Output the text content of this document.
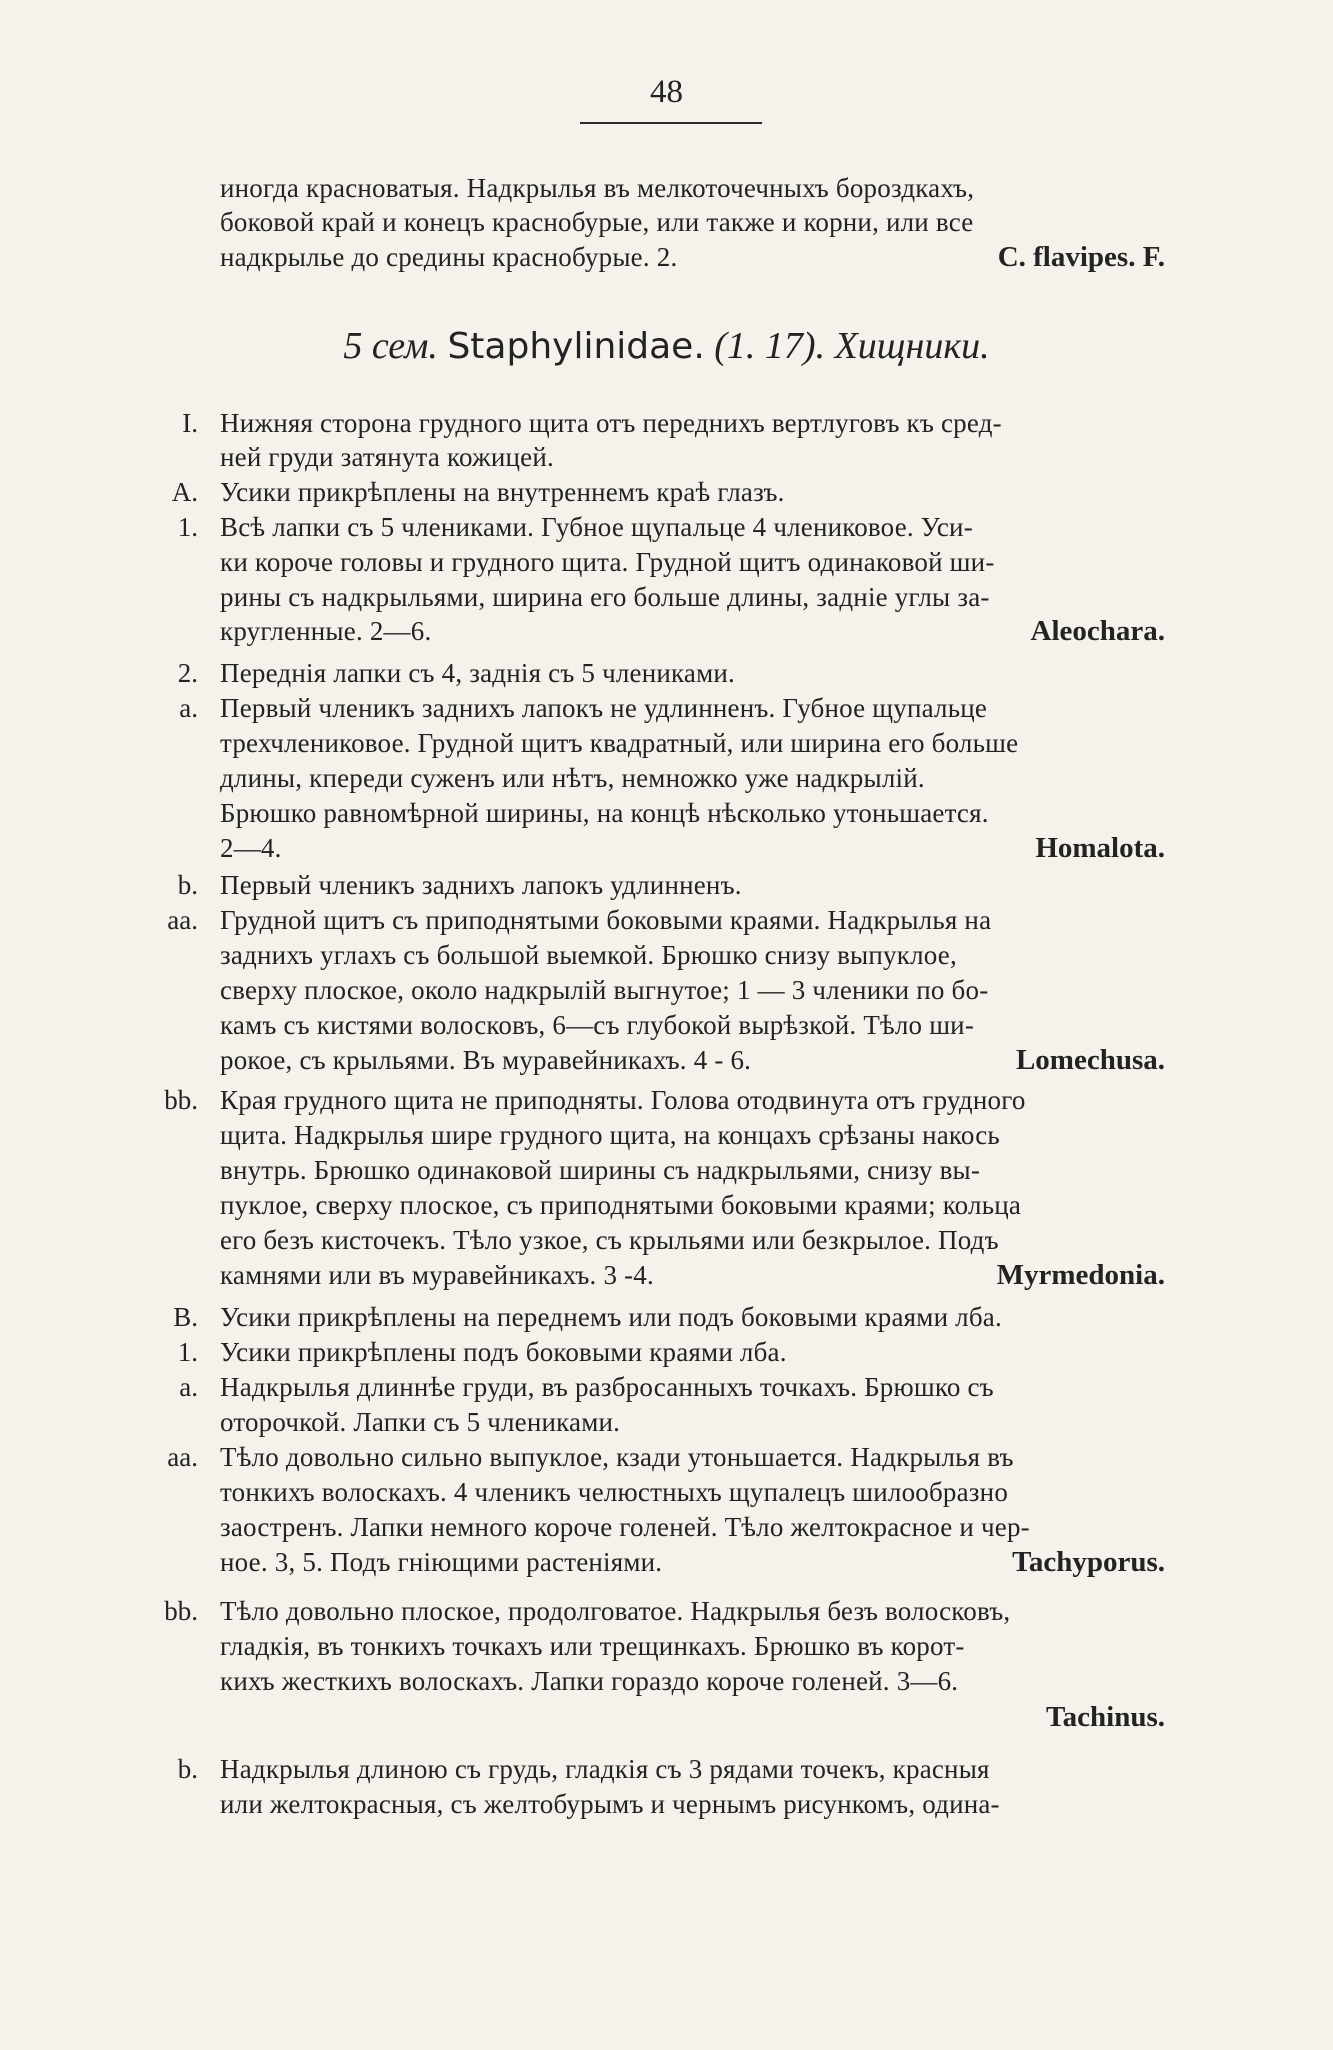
48
иногда красноватыя. Надкрылья въ мелкоточечныхъ бороздкахъ,
боковой край и конецъ краснобурые, или также и корни, или все
надкрылье до средины краснобурые. 2.	C. flavipes. F.
5 сем. Staphylinidae. (1. 17). Хищники.
I. Нижняя сторона грудного щита отъ переднихъ вертлуговъ къ сред-
ней груди затянута кожицей.
A. Усики прикрѣплены на внутреннемъ краѣ глазъ.
1. Всѣ лапки съ 5 члениками. Губное щупальце 4 члениковое. Уси-
ки короче головы и грудного щита. Грудной щитъ одинаковой ши-
рины съ надкрыльями, ширина его больше длины, заднiе углы за-
кругленные. 2—6.	Aleochara.
2. Переднiя лапки съ 4, заднiя съ 5 члениками.
a. Первый членикъ заднихъ лапокъ не удлинненъ. Губное щупальце
трехчлениковое. Грудной щитъ квадратный, или ширина его больше
длины, кпереди суженъ или нѣтъ, немножко уже надкрылiй.
Брюшко равномѣрной ширины, на концѣ нѣсколько утоньшается.
2—4.	Homalota.
b. Первый членикъ заднихъ лапокъ удлинненъ.
aa. Грудной щитъ съ приподнятыми боковыми краями. Надкрылья на
заднихъ углахъ съ большой выемкой. Брюшко снизу выпуклое,
сверху плоское, около надкрылiй выгнутое; 1 — 3 членики по бо-
камъ съ кистями волосковъ, 6—съ глубокой вырѣзкой. Тѣло ши-
рокое, съ крыльями. Въ муравейникахъ. 4 - 6.	Lomechusa.
bb. Края грудного щита не приподняты. Голова отодвинута отъ грудного
щита. Надкрылья шире грудного щита, на концахъ срѣзаны накось
внутрь. Брюшко одинаковой ширины съ надкрыльями, снизу вы-
пуклое, сверху плоское, съ приподнятыми боковыми краями; кольца
его безъ кисточекъ. Тѣло узкое, съ крыльями или безкрылое. Подъ
камнями или въ муравейникахъ. 3 -4.	Myrmedonia.
B. Усики прикрѣплены на переднемъ или подъ боковыми краями лба.
1. Усики прикрѣплены подъ боковыми краями лба.
a. Надкрылья длиннѣе груди, въ разбросанныхъ точкахъ. Брюшко съ
оторочкой. Лапки съ 5 члениками.
aa. Тѣло довольно сильно выпуклое, кзади утоньшается. Надкрылья въ
тонкихъ волоскахъ. 4 членикъ челюстныхъ щупалецъ шилообразно
заостренъ. Лапки немного короче голеней. Тѣло желтокрасное и чер-
ное. 3, 5. Подъ гнiющими растенiями.	Tachyporus.
bb. Тѣло довольно плоское, продолговатое. Надкрылья безъ волосковъ,
гладкiя, въ тонкихъ точкахъ или трещинкахъ. Брюшко въ корот-
кихъ жесткихъ волоскахъ. Лапки гораздо короче голеней. 3—6.
Tachinus.
b. Надкрылья длиною съ грудь, гладкiя съ 3 рядами точекъ, красныя
или желтокрасныя, съ желтобурымъ и чернымъ рисункомъ, одина-
